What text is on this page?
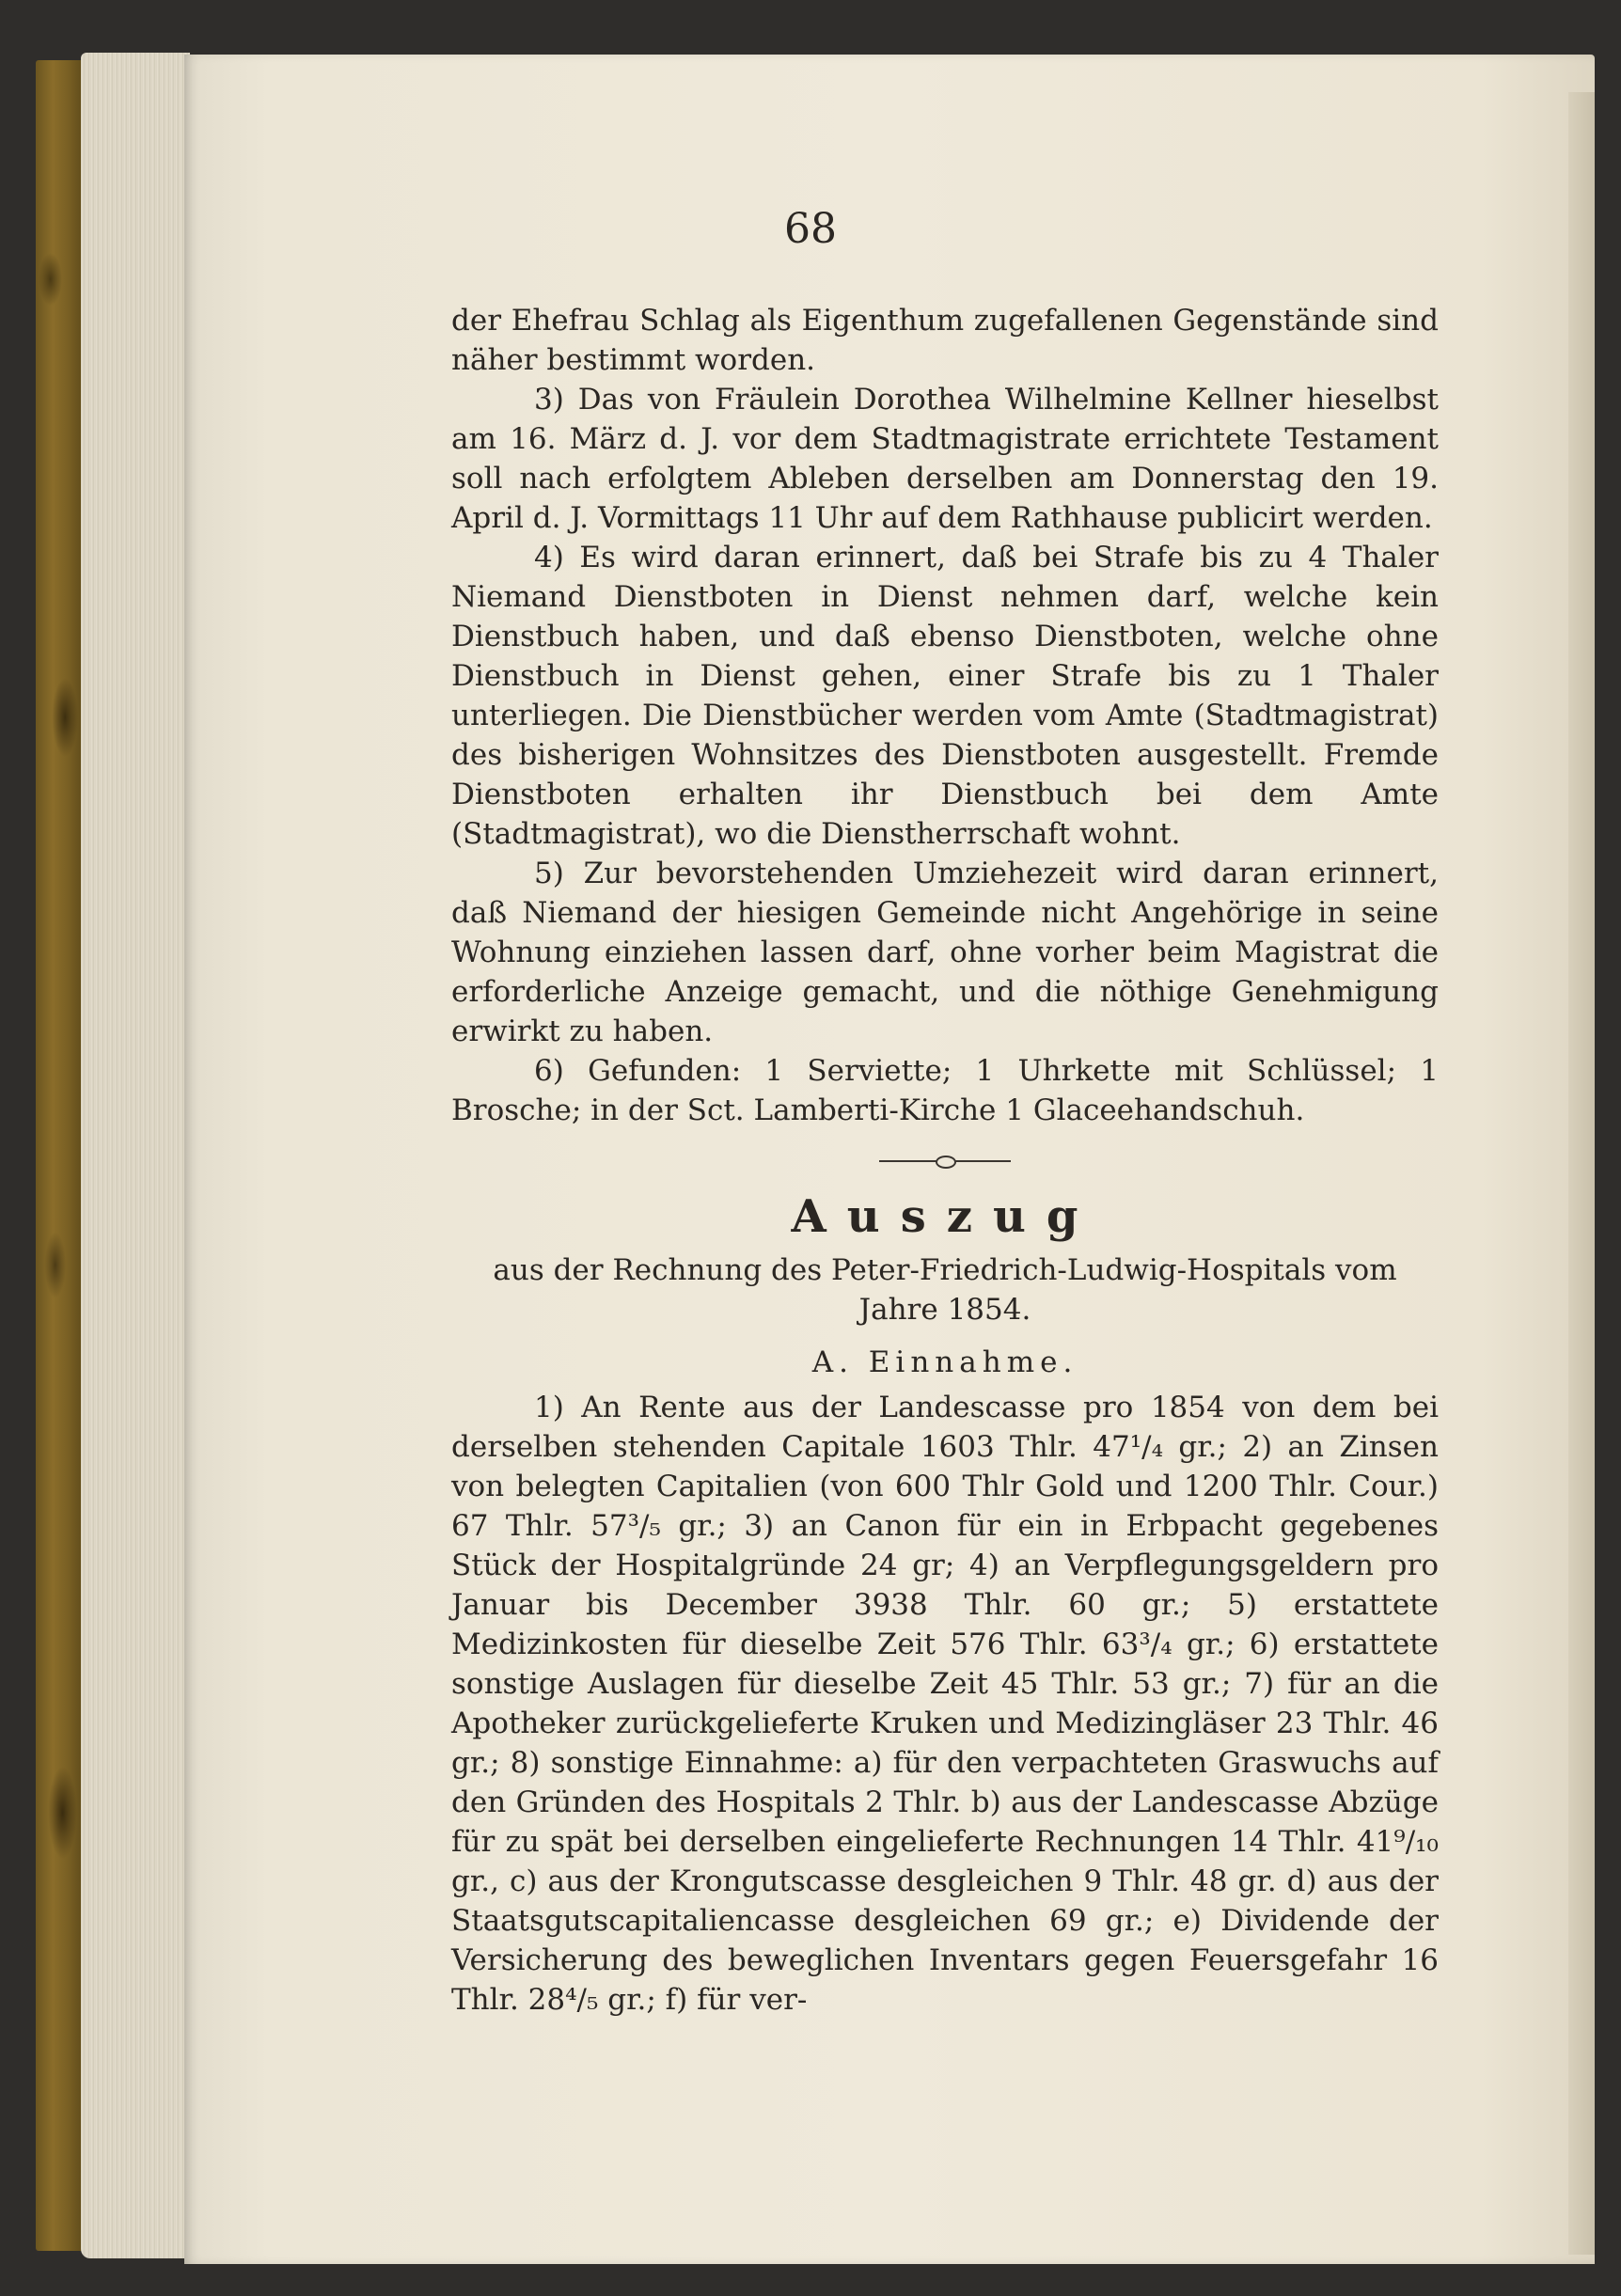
68

der Ehefrau Schlag als Eigenthum zugefallenen Gegenstände sind näher bestimmt worden.

3) Das von Fräulein Dorothea Wilhelmine Kellner hieselbst am 16. März d. J. vor dem Stadtmagistrate errichtete Testament soll nach erfolgtem Ableben derselben am Donnerstag den 19. April d. J. Vormittags 11 Uhr auf dem Rathhause publicirt werden.

4) Es wird daran erinnert, daß bei Strafe bis zu 4 Thaler Niemand Dienstboten in Dienst nehmen darf, welche kein Dienstbuch haben, und daß ebenso Dienstboten, welche ohne Dienstbuch in Dienst gehen, einer Strafe bis zu 1 Thaler unterliegen. Die Dienstbücher werden vom Amte (Stadtmagistrat) des bisherigen Wohnsitzes des Dienstboten ausgestellt. Fremde Dienstboten erhalten ihr Dienstbuch bei dem Amte (Stadtmagistrat), wo die Dienstherrschaft wohnt.

5) Zur bevorstehenden Umziehezeit wird daran erinnert, daß Niemand der hiesigen Gemeinde nicht Angehörige in seine Wohnung einziehen lassen darf, ohne vorher beim Magistrat die erforderliche Anzeige gemacht, und die nöthige Genehmigung erwirkt zu haben.

6) Gefunden: 1 Serviette; 1 Uhrkette mit Schlüssel; 1 Brosche; in der Sct. Lamberti-Kirche 1 Glaceehandschuh.

Auszug

aus der Rechnung des Peter-Friedrich-Ludwig-Hospitals vom Jahre 1854.

A. Einnahme.

1) An Rente aus der Landescasse pro 1854 von dem bei derselben stehenden Capitale 1603 Thlr. 47¹/₄ gr.; 2) an Zinsen von belegten Capitalien (von 600 Thlr Gold und 1200 Thlr. Cour.) 67 Thlr. 57³/₅ gr.; 3) an Canon für ein in Erbpacht gegebenes Stück der Hospitalgründe 24 gr; 4) an Verpflegungsgeldern pro Januar bis December 3938 Thlr. 60 gr.; 5) erstattete Medizinkosten für dieselbe Zeit 576 Thlr. 63³/₄ gr.; 6) erstattete sonstige Auslagen für dieselbe Zeit 45 Thlr. 53 gr.; 7) für an die Apotheker zurückgelieferte Kruken und Medizingläser 23 Thlr. 46 gr.; 8) sonstige Einnahme: a) für den verpachteten Graswuchs auf den Gründen des Hospitals 2 Thlr. b) aus der Landescasse Abzüge für zu spät bei derselben eingelieferte Rechnungen 14 Thlr. 41⁹/₁₀ gr., c) aus der Krongutscasse desgleichen 9 Thlr. 48 gr. d) aus der Staatsgutscapitaliencasse desgleichen 69 gr.; e) Dividende der Versicherung des beweglichen Inventars gegen Feuersgefahr 16 Thlr. 28⁴/₅ gr.; f) für ver-
